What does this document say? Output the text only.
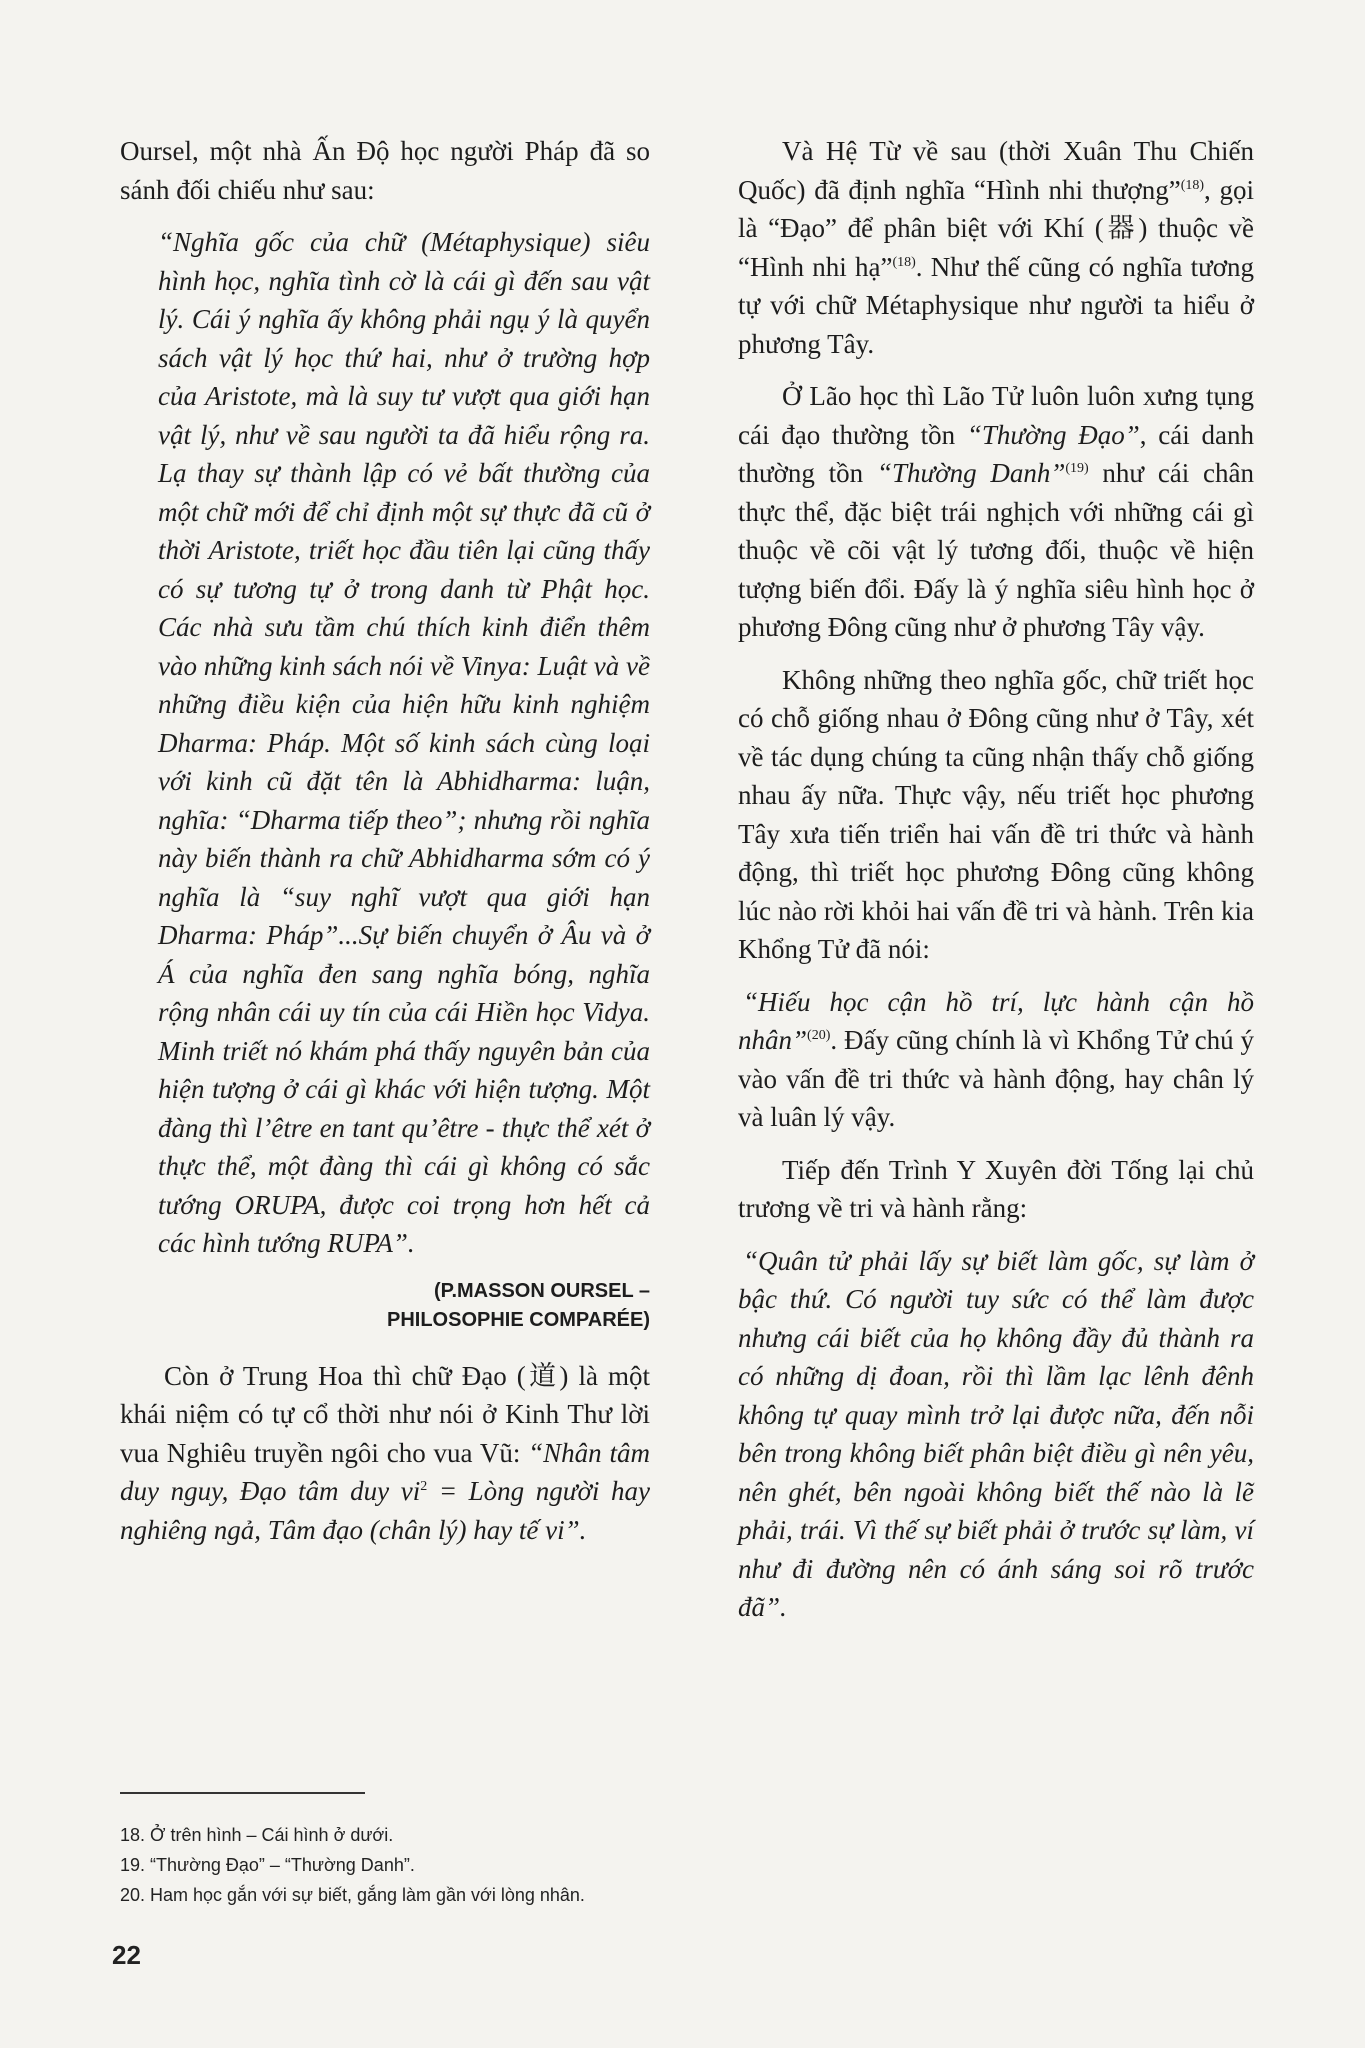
Oursel, một nhà Ấn Độ học người Pháp đã so sánh đối chiếu như sau:

“Nghĩa gốc của chữ (Métaphysique) siêu hình học, nghĩa tình cờ là cái gì đến sau vật lý. Cái ý nghĩa ấy không phải ngụ ý là quyển sách vật lý học thứ hai, như ở trường hợp của Aristote, mà là suy tư vượt qua giới hạn vật lý, như về sau người ta đã hiểu rộng ra. Lạ thay sự thành lập có vẻ bất thường của một chữ mới để chỉ định một sự thực đã cũ ở thời Aristote, triết học đầu tiên lại cũng thấy có sự tương tự ở trong danh từ Phật học. Các nhà sưu tầm chú thích kinh điển thêm vào những kinh sách nói về Vinya: Luật và về những điều kiện của hiện hữu kinh nghiệm Dharma: Pháp. Một số kinh sách cùng loại với kinh cũ đặt tên là Abhidharma: luận, nghĩa: “Dharma tiếp theo”; nhưng rồi nghĩa này biến thành ra chữ Abhidharma sớm có ý nghĩa là “suy nghĩ vượt qua giới hạn Dharma: Pháp”...Sự biến chuyển ở Âu và ở Á của nghĩa đen sang nghĩa bóng, nghĩa rộng nhân cái uy tín của cái Hiền học Vidya. Minh triết nó khám phá thấy nguyên bản của hiện tượng ở cái gì khác với hiện tượng. Một đàng thì l’être en tant qu’être - thực thể xét ở thực thể, một đàng thì cái gì không có sắc tướng ORUPA, được coi trọng hơn hết cả các hình tướng RUPA”.

(P.MASSON OURSEL –
PHILOSOPHIE COMPARÉE)

Còn ở Trung Hoa thì chữ Đạo (道) là một khái niệm có tự cổ thời như nói ở Kinh Thư lời vua Nghiêu truyền ngôi cho vua Vũ: “Nhân tâm duy nguy, Đạo tâm duy $vi^2$ = Lòng người hay nghiêng ngả, Tâm đạo (chân lý) hay tế vi”.

Và Hệ Từ về sau (thời Xuân Thu Chiến Quốc) đã định nghĩa “Hình nhi thượng”$^{(18)}$, gọi là “Đạo” để phân biệt với Khí (器) thuộc về “Hình nhi hạ”$^{(18)}$. Như thế cũng có nghĩa tương tự với chữ Métaphysique như người ta hiểu ở phương Tây.

Ở Lão học thì Lão Tử luôn luôn xưng tụng cái đạo thường tồn “Thường Đạo”, cái danh thường tồn “Thường Danh”$^{(19)}$ như cái chân thực thể, đặc biệt trái nghịch với những cái gì thuộc về cõi vật lý tương đối, thuộc về hiện tượng biến đổi. Đấy là ý nghĩa siêu hình học ở phương Đông cũng như ở phương Tây vậy.

Không những theo nghĩa gốc, chữ triết học có chỗ giống nhau ở Đông cũng như ở Tây, xét về tác dụng chúng ta cũng nhận thấy chỗ giống nhau ấy nữa. Thực vậy, nếu triết học phương Tây xưa tiến triển hai vấn đề tri thức và hành động, thì triết học phương Đông cũng không lúc nào rời khỏi hai vấn đề tri và hành. Trên kia Khổng Tử đã nói:

“Hiếu học cận hồ trí, lực hành cận hồ nhân”$^{(20)}$. Đấy cũng chính là vì Khổng Tử chú ý vào vấn đề tri thức và hành động, hay chân lý và luân lý vậy.

Tiếp đến Trình Y Xuyên đời Tống lại chủ trương về tri và hành rằng:

“Quân tử phải lấy sự biết làm gốc, sự làm ở bậc thứ. Có người tuy sức có thể làm được nhưng cái biết của họ không đầy đủ thành ra có những dị đoan, rồi thì lầm lạc lênh đênh không tự quay mình trở lại được nữa, đến nỗi bên trong không biết phân biệt điều gì nên yêu, nên ghét, bên ngoài không biết thế nào là lẽ phải, trái. Vì thế sự biết phải ở trước sự làm, ví như đi đường nên có ánh sáng soi rõ trước đã”.

18. Ở trên hình – Cái hình ở dưới.
19. “Thường Đạo” – “Thường Danh”.
20. Ham học gắn với sự biết, gắng làm gần với lòng nhân.
22
